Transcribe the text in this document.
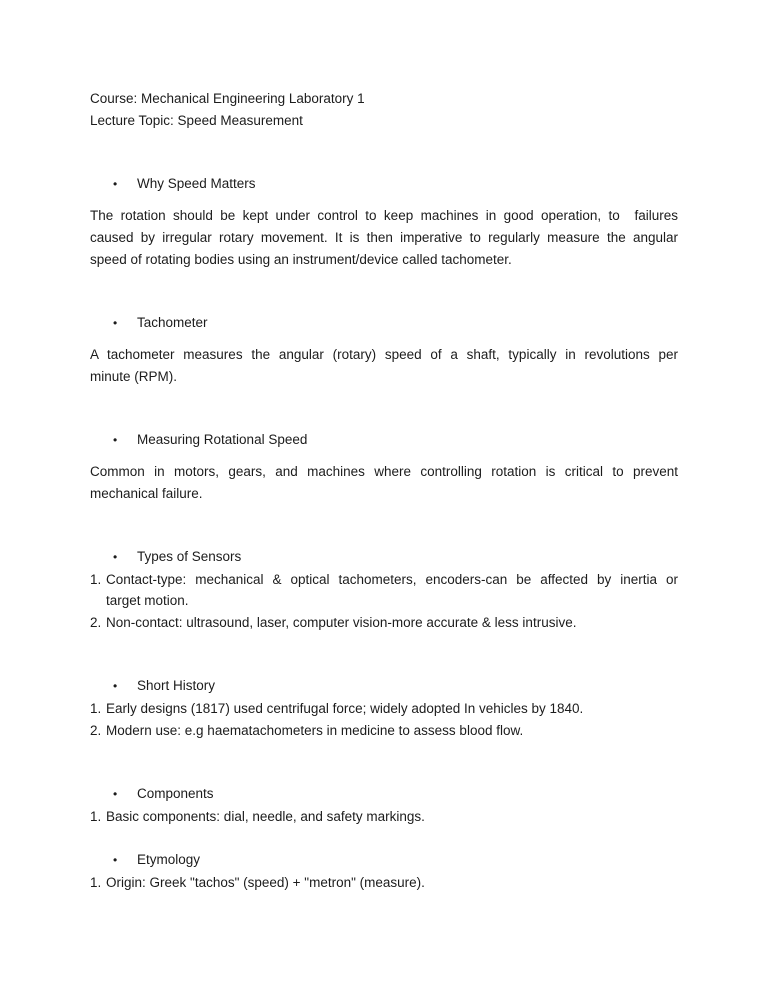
Course: Mechanical Engineering Laboratory 1
Lecture Topic: Speed Measurement
•	Why Speed Matters
The rotation should be kept under control to keep machines in good operation, to  failures
caused by irregular rotary movement. It is then imperative to regularly measure the angular
speed of rotating bodies using an instrument/device called tachometer.
•	Tachometer
A tachometer measures the angular (rotary) speed of a shaft, typically in revolutions per
minute (RPM).
•	Measuring Rotational Speed
Common in motors, gears, and machines where controlling rotation is critical to prevent
mechanical failure.
•	Types of Sensors
1. Contact-type: mechanical & optical tachometers, encoders-can be affected by inertia or
target motion.
2. Non-contact: ultrasound, laser, computer vision-more accurate & less intrusive.
•	Short History
1. Early designs (1817) used centrifugal force; widely adopted In vehicles by 1840.
2. Modern use: e.g haematachometers in medicine to assess blood flow.
•	Components
1. Basic components: dial, needle, and safety markings.
•	Etymology
1. Origin: Greek "tachos" (speed) + "metron" (measure).
